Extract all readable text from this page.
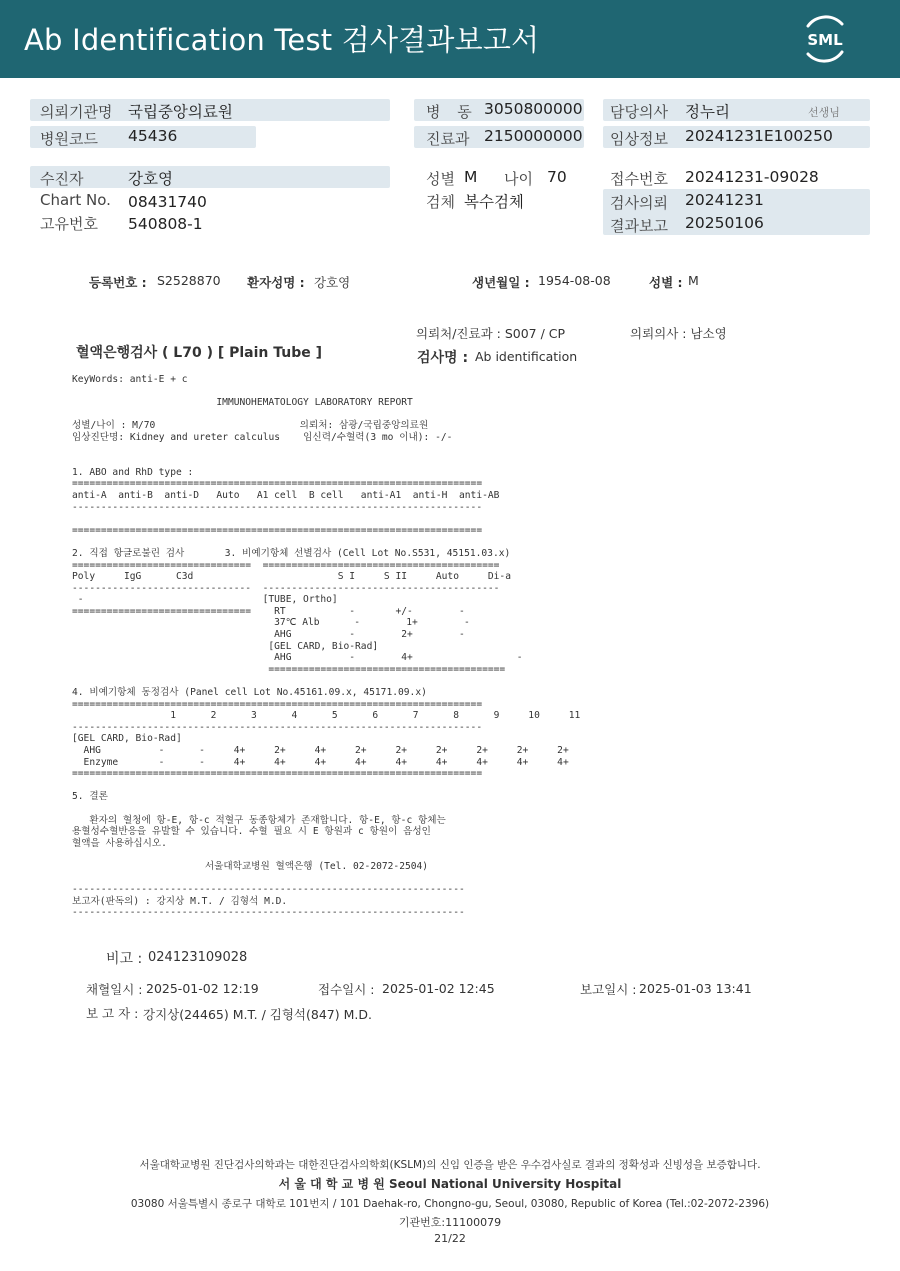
Ab Identification Test 검사결과보고서	SML
의뢰기관명 국립중앙의료원
병원코드 45436
병 동 3050800000
진료과 2150000000
담당의사 정누리	선생님
임상정보 20241231E100250
수진자	강호영
Chart No. 08431740
고유번호 540808-1
성별 M 나이 70
검체 복수검체
접수번호 20241231-09028
검사의뢰 20241231
결과보고 20250106
등록번호 : S2528870 환자성명 : 강호영	생년월일 : 1954-08-08	성별 : M
의뢰처/진료과 : S007 / CP	의뢰의사 : 남소영
혈액은행검사 ( L70 ) [ Plain Tube ]	검사명 : Ab identification
KeyWords: anti-E + c

IMMUNOHEMATOLOGY LABORATORY REPORT

성별/나이 : M/70                         의뢰처: 삼광/국립중앙의료원
임상진단명: Kidney and ureter calculus    임신력/수혈력(3 mo 이내): -/-

1. ABO and RhD type :
=======================================================================
anti-A  anti-B  anti-D   Auto   A1 cell  B cell   anti-A1  anti-H  anti-AB
-----------------------------------------------------------------------

=======================================================================

2. 직접 항글로불린 검사       3. 비예기항체 선별검사 (Cell Lot No.S531, 45151.03.x)
===============================  =========================================
Poly     IgG      C3d                         S I     S II     Auto     Di-a
-------------------------------  -----------------------------------------
-                               [TUBE, Ortho]
===============================    RT           -       +/-        -
37℃ Alb      -        1+        -
AHG          -        2+        -
[GEL CARD, Bio-Rad]
AHG          -        4+                  -
=========================================

4. 비예기항체 동정검사 (Panel cell Lot No.45161.09.x, 45171.09.x)
=======================================================================
1      2      3      4      5      6      7      8      9     10     11
-----------------------------------------------------------------------
[GEL CARD, Bio-Rad]
AHG          -      -     4+     2+     4+     2+     2+     2+     2+     2+     2+
Enzyme       -      -     4+     4+     4+     4+     4+     4+     4+     4+     4+
=======================================================================

5. 결론

환자의 혈청에 항-E, 항-c 적혈구 동종항체가 존재합니다. 항-E, 항-c 항체는
용혈성수혈반응을 유발할 수 있습니다. 수혈 필요 시 E 항원과 c 항원이 음성인
혈액을 사용하십시오.

서울대학교병원 혈액은행 (Tel. 02-2072-2504)

--------------------------------------------------------------------
보고자(판독의) : 강지상 M.T. / 김형석 M.D.
--------------------------------------------------------------------
비고 : 024123109028
채혈일시 : 2025-01-02 12:19	접수일시 : 2025-01-02 12:45	보고일시 : 2025-01-03 13:41
보 고 자 : 강지상(24465) M.T. / 김형석(847) M.D.
서울대학교병원 진단검사의학과는 대한진단검사의학회(KSLM)의 신임 인증을 받은 우수검사실로 결과의 정확성과 신빙성을 보증합니다.
서 울 대 학 교 병 원 Seoul National University Hospital
03080 서울특별시 종로구 대학로 101번지 / 101 Daehak-ro, Chongno-gu, Seoul, 03080, Republic of Korea (Tel.:02-2072-2396)
기관번호:11100079
21/22
